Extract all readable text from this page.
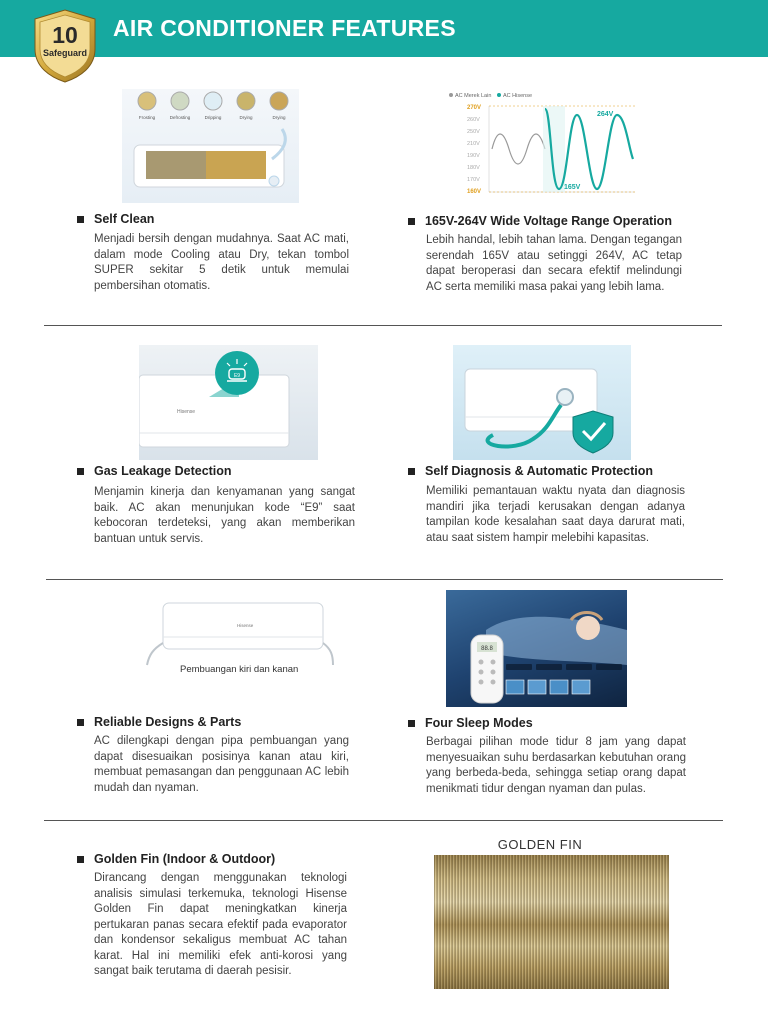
AIR CONDITIONER FEATURES
10
Safeguard
Frosting	Defrosting	Dripping	Drying	Drying
AC Merek Lain AC Hisense
270V
260V
250V
210V
190V
180V
170V
160V
264V
165V
Self Clean
Menjadi bersih dengan mudahnya. Saat AC mati, dalam mode Cooling atau Dry, tekan tombol SUPER sekitar 5 detik untuk memulai pembersihan otomatis.
165V-264V Wide Voltage Range Operation
Lebih handal, lebih tahan lama. Dengan tegangan serendah 165V atau setinggi 264V, AC tetap dapat beroperasi dan secara efektif melindungi AC serta memiliki masa pakai yang lebih lama.
Hisense
E9
Gas Leakage Detection
Menjamin kinerja dan kenyamanan yang sangat baik. AC akan menunjukan kode “E9” saat kebocoran terdeteksi, yang akan memberikan bantuan untuk servis.
Self Diagnosis & Automatic Protection
Memiliki pemantauan waktu nyata dan diagnosis mandiri jika terjadi kerusakan dengan adanya tampilan kode kesalahan saat daya darurat mati, atau saat sistem hampir melebihi kapasitas.
Hisense
Pembuangan kiri dan kanan
88.8
Reliable Designs & Parts
AC dilengkapi dengan pipa pembuangan yang dapat disesuaikan posisinya kanan atau kiri, membuat pemasangan dan penggunaan AC lebih mudah dan nyaman.
Four Sleep Modes
Berbagai pilihan mode tidur 8 jam yang dapat menyesuaikan suhu berdasarkan kebutuhan orang yang berbeda-beda, sehingga setiap orang dapat menikmati tidur dengan nyaman dan pulas.
Golden Fin (Indoor & Outdoor)
Dirancang dengan menggunakan teknologi analisis simulasi terkemuka, teknologi Hisense Golden Fin dapat meningkatkan kinerja pertukaran panas secara efektif pada evaporator dan kondensor sekaligus membuat AC tahan karat. Hal ini memiliki efek anti-korosi yang sangat baik terutama di daerah pesisir.
GOLDEN FIN
